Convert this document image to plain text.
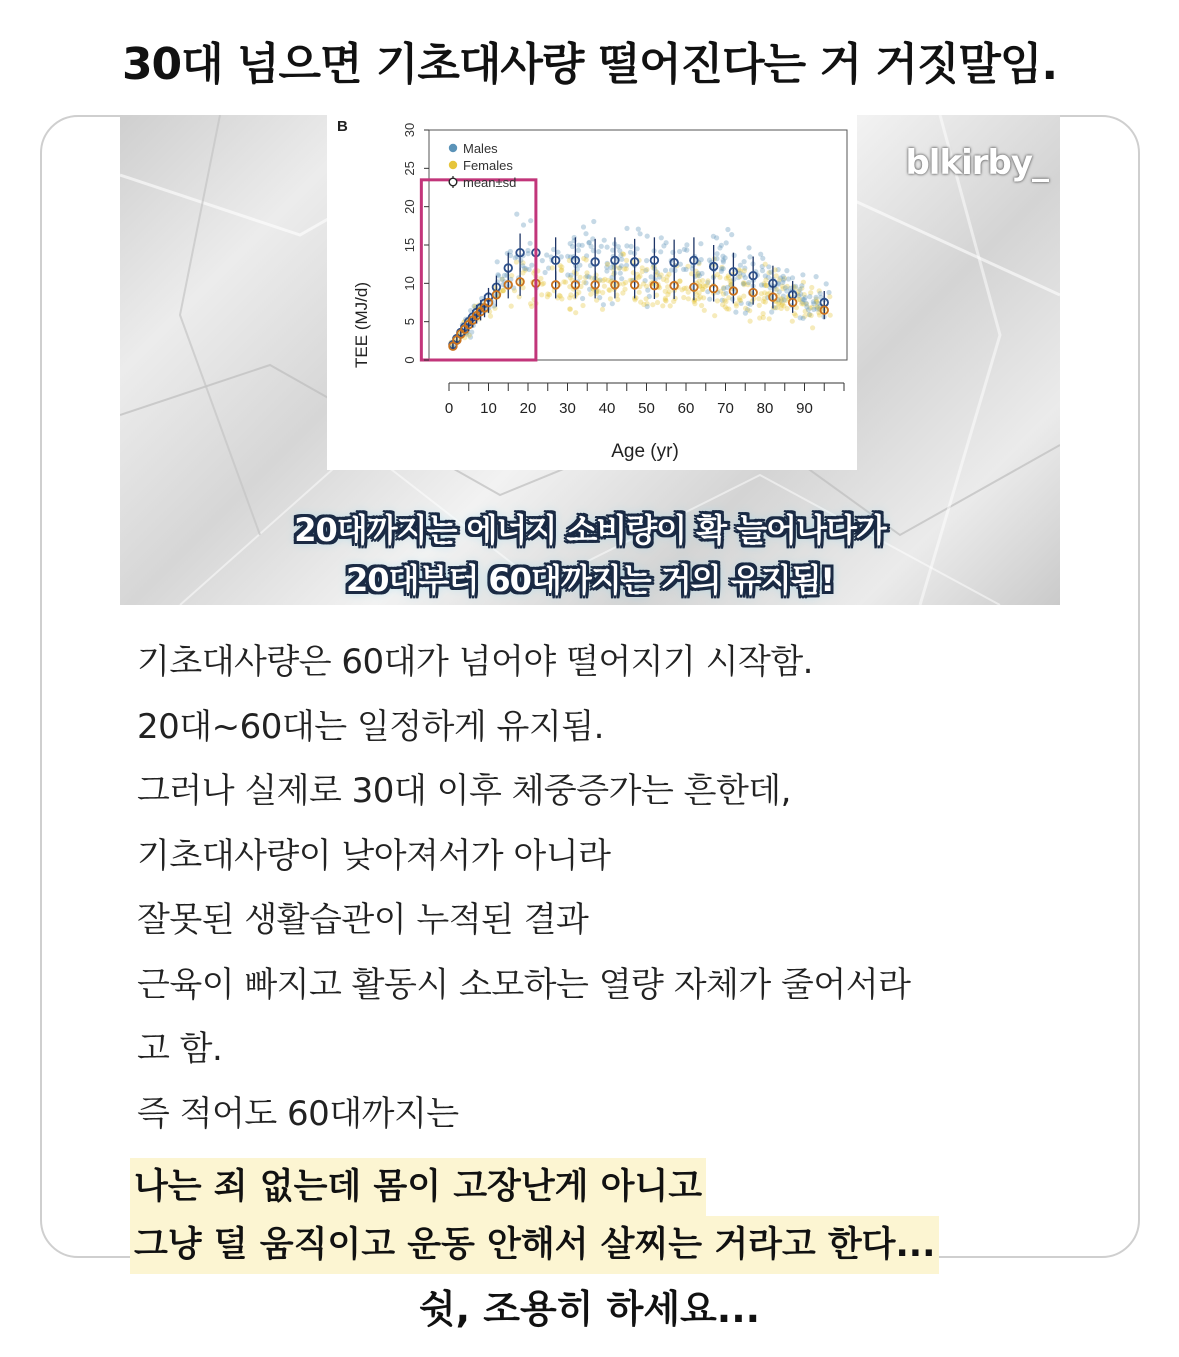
30대 넘으면 기초대사량 떨어진다는 거 거짓말임.
0
5
10
15
20
25
30
0 10 20 30 40 50 60 70 80 90
Males
Females
mean±sd
B
TEE (MJ/d)
Age (yr)
blkirby_
20대까지는 에너지 소비량이 확 늘어나다가
20대부터 60대까지는 거의 유지됨!
기초대사량은 60대가 넘어야 떨어지기 시작함.
20대~60대는 일정하게 유지됨.
그러나 실제로 30대 이후 체중증가는 흔한데,
기초대사량이 낮아져서가 아니라
잘못된 생활습관이 누적된 결과
근육이 빠지고 활동시 소모하는 열량 자체가 줄어서라
고 함.
즉 적어도 60대까지는
나는 죄 없는데 몸이 고장난게 아니고
그냥 덜 움직이고 운동 안해서 살찌는 거라고 한다...
쉿, 조용히 하세요...
